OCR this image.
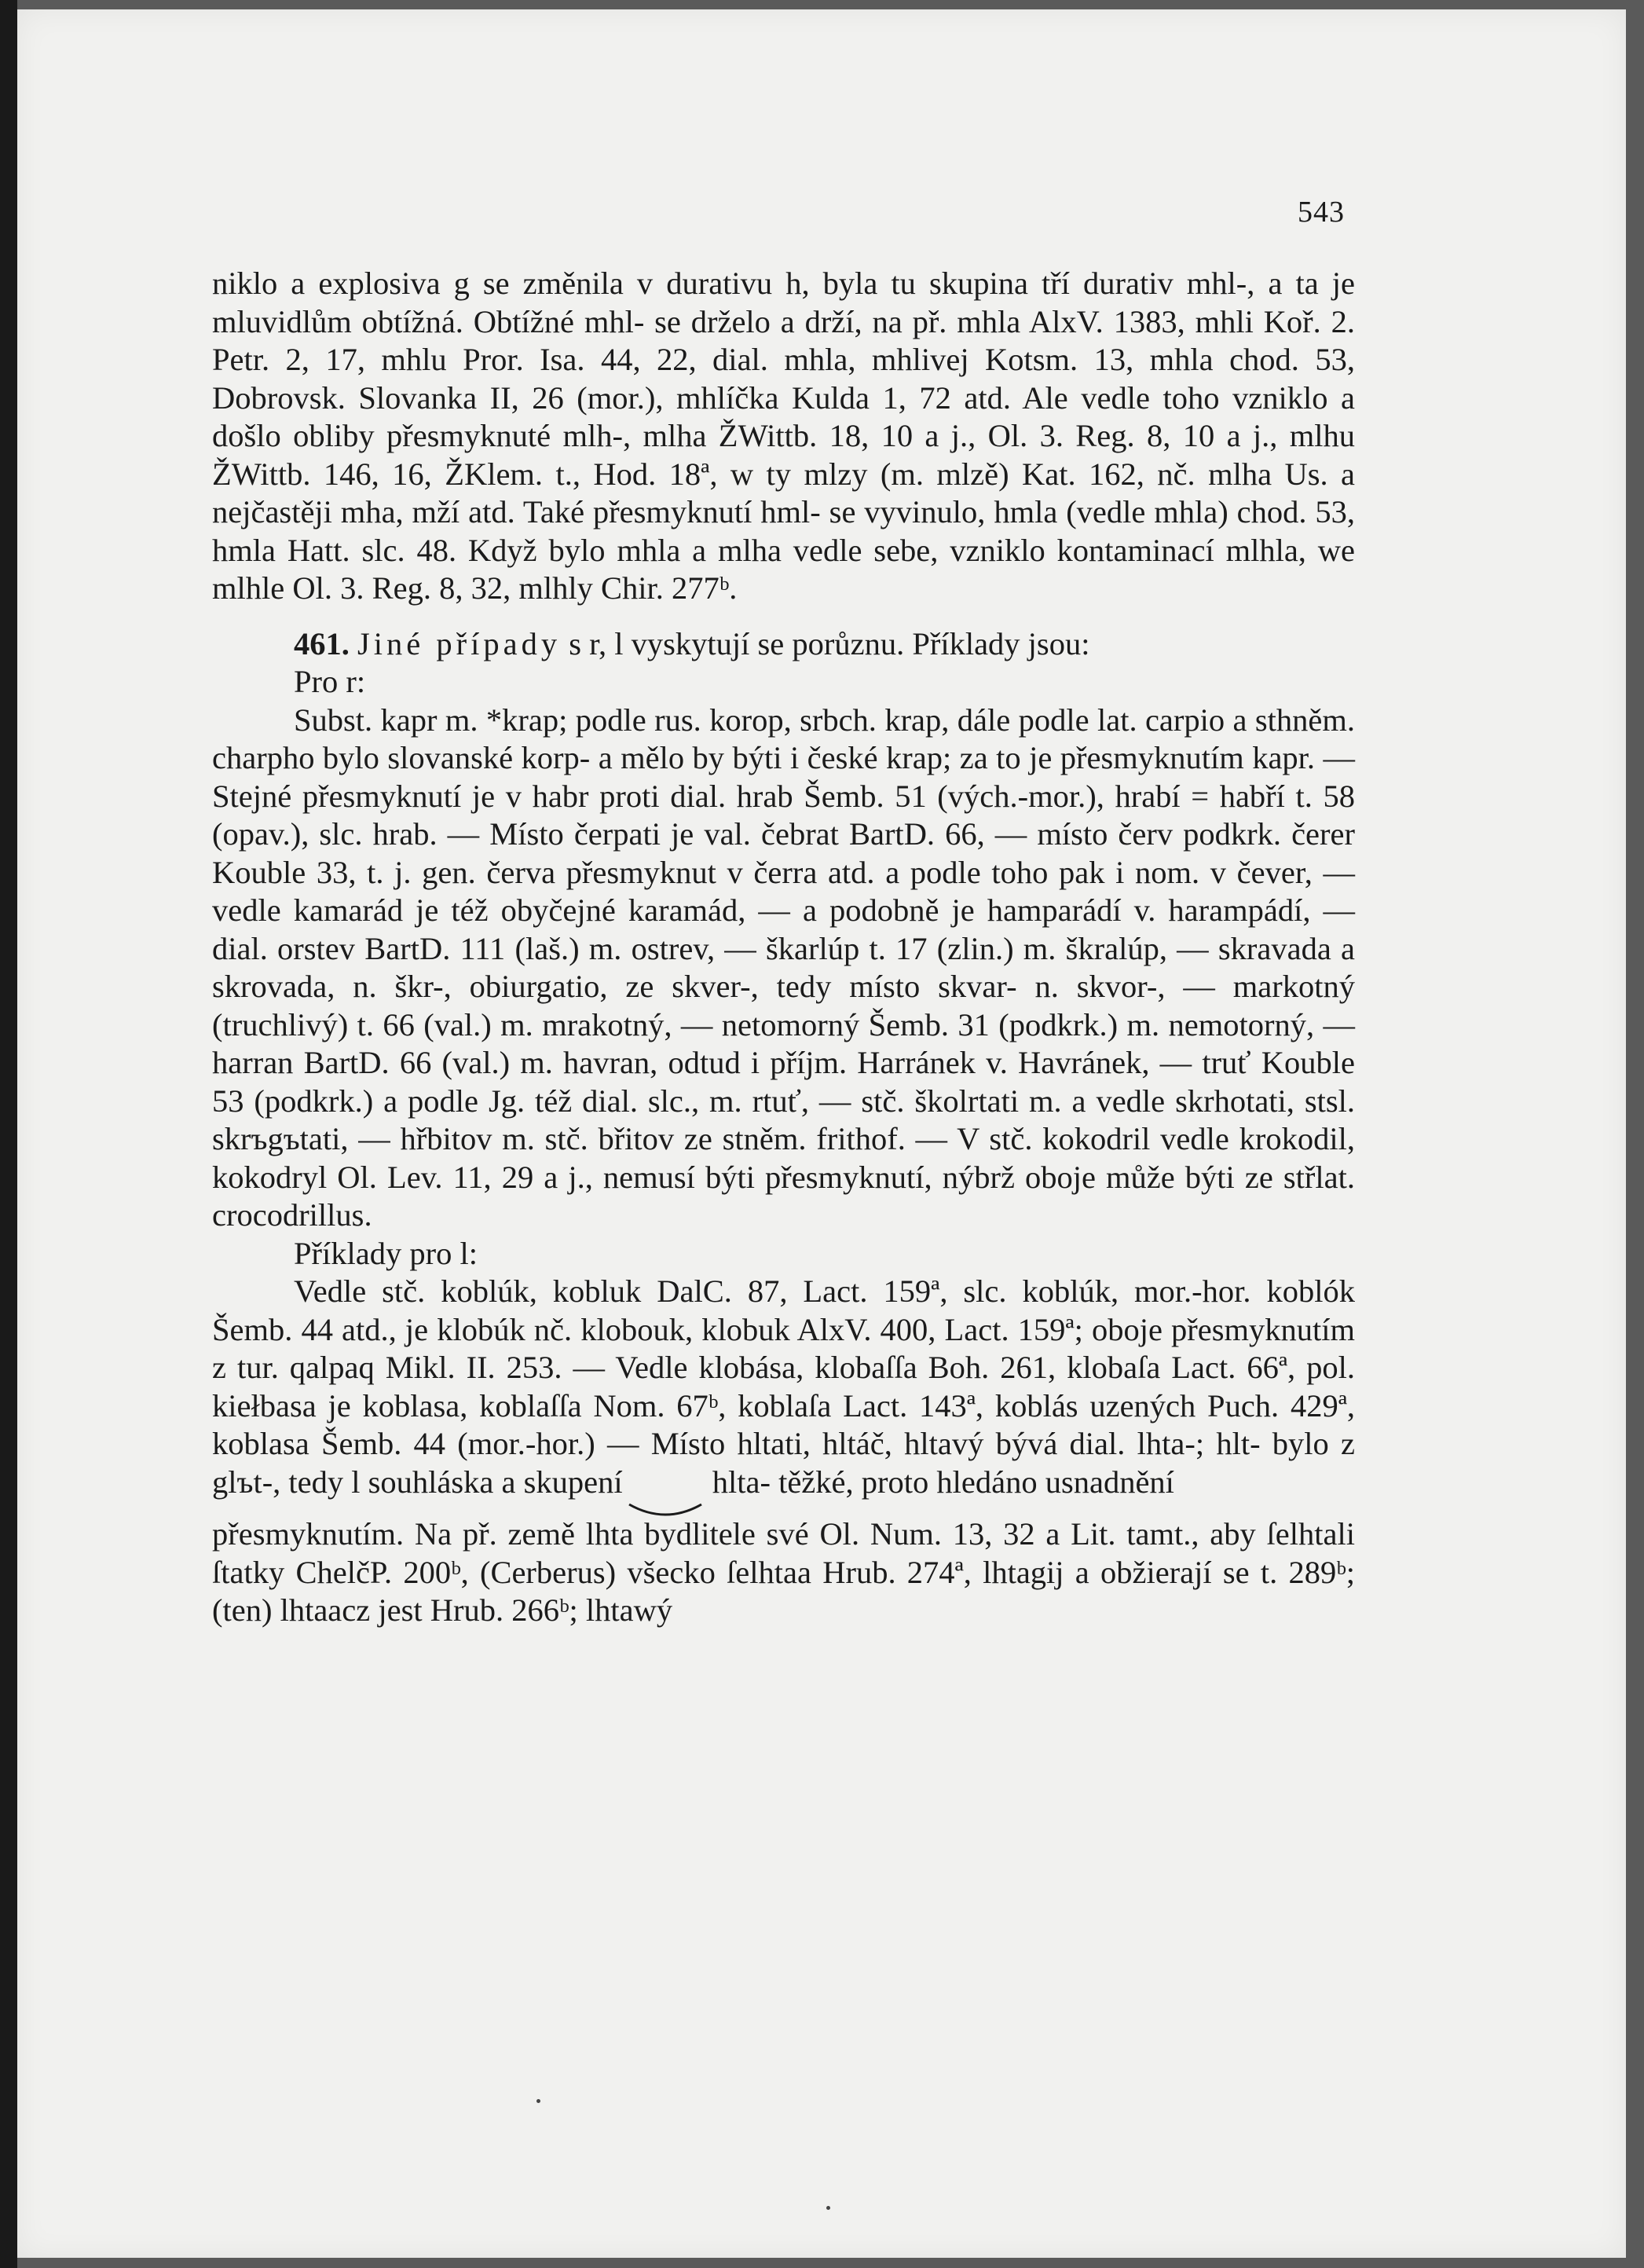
543

niklo a explosiva g se změnila v durativu h, byla tu skupina tří durativ mhl-, a ta je mluvidlům obtížná. Obtížné mhl- se drželo a drží, na př. mhla AlxV. 1383, mhli Koř. 2. Petr. 2, 17, mhlu Pror. Isa. 44, 22, dial. mhla, mhlivej Kotsm. 13, mhla chod. 53, Dobrovsk. Slovanka II, 26 (mor.), mhlíčka Kulda 1, 72 atd. Ale vedle toho vzniklo a došlo obliby přesmyknuté mlh-, mlha ŽWittb. 18, 10 a j., Ol. 3. Reg. 8, 10 a j., mlhu ŽWittb. 146, 16, ŽKlem. t., Hod. 18ª, w ty mlzy (m. mlzě) Kat. 162, nč. mlha Us. a nejčastěji mha, mží atd. Také přesmyknutí hml- se vyvinulo, hmla (vedle mhla) chod. 53, hmla Hatt. slc. 48. Když bylo mhla a mlha vedle sebe, vzniklo kontaminací mlhla, we mlhle Ol. 3. Reg. 8, 32, mlhly Chir. 277ᵇ.

461. Jiné případy s r, l vyskytují se porůznu. Příklady jsou:

Pro r:

Subst. kapr m. *krap; podle rus. korop, srbch. krap, dále podle lat. carpio a sthněm. charpho bylo slovanské korp- a mělo by býti i české krap; za to je přesmyknutím kapr. — Stejné přesmyknutí je v habr proti dial. hrab Šemb. 51 (vých.-mor.), hrabí = habří t. 58 (opav.), slc. hrab. — Místo čerpati je val. čebrat BartD. 66, — místo červ podkrk. čerer Kouble 33, t. j. gen. červa přesmyknut v čerra atd. a podle toho pak i nom. v čever, — vedle kamarád je též obyčejné karamád, — a podobně je hamparádí v. harampádí, — dial. orstev BartD. 111 (laš.) m. ostrev, — škarlúp t. 17 (zlin.) m. škralúp, — skravada a skrovada, n. škr-, obiurgatio, ze skver-, tedy místo skvar- n. skvor-, — markotný (truchlivý) t. 66 (val.) m. mrakotný, — netomorný Šemb. 31 (podkrk.) m. nemotorný, — harran BartD. 66 (val.) m. havran, odtud i příjm. Harránek v. Havránek, — truť Kouble 53 (podkrk.) a podle Jg. též dial. slc., m. rtuť, — stč. školrtati m. a vedle skrhotati, stsl. skrъgъtati, — hřbitov m. stč. břitov ze stněm. frithof. — V stč. kokodril vedle krokodil, kokodryl Ol. Lev. 11, 29 a j., nemusí býti přesmyknutí, nýbrž oboje může býti ze střlat. crocodrillus.

Příklady pro l:

Vedle stč. koblúk, kobluk DalC. 87, Lact. 159ª, slc. koblúk, mor.-hor. koblók Šemb. 44 atd., je klobúk nč. klobouk, klobuk AlxV. 400, Lact. 159ª; oboje přesmyknutím z tur. qalpaq Mikl. II. 253. — Vedle klobása, klobaſſa Boh. 261, klobaſa Lact. 66ª, pol. kiełbasa je koblasa, koblaſſa Nom. 67ᵇ, koblaſa Lact. 143ª, koblás uzených Puch. 429ª, koblasa Šemb. 44 (mor.-hor.) — Místo hltati, hltáč, hltavý bývá dial. lhta-; hlt- bylo z glъt-, tedy l souhláska a skupení	hlta- těžké, proto hledáno usnadnění

přesmyknutím. Na př. země lhta bydlitele své Ol. Num. 13, 32 a Lit. tamt., aby ſelhtali ſtatky ChelčP. 200ᵇ, (Cerberus) všecko ſelhtaa Hrub. 274ª, lhtagij a obžierají se t. 289ᵇ; (ten) lhtaacz jest Hrub. 266ᵇ; lhtawý
